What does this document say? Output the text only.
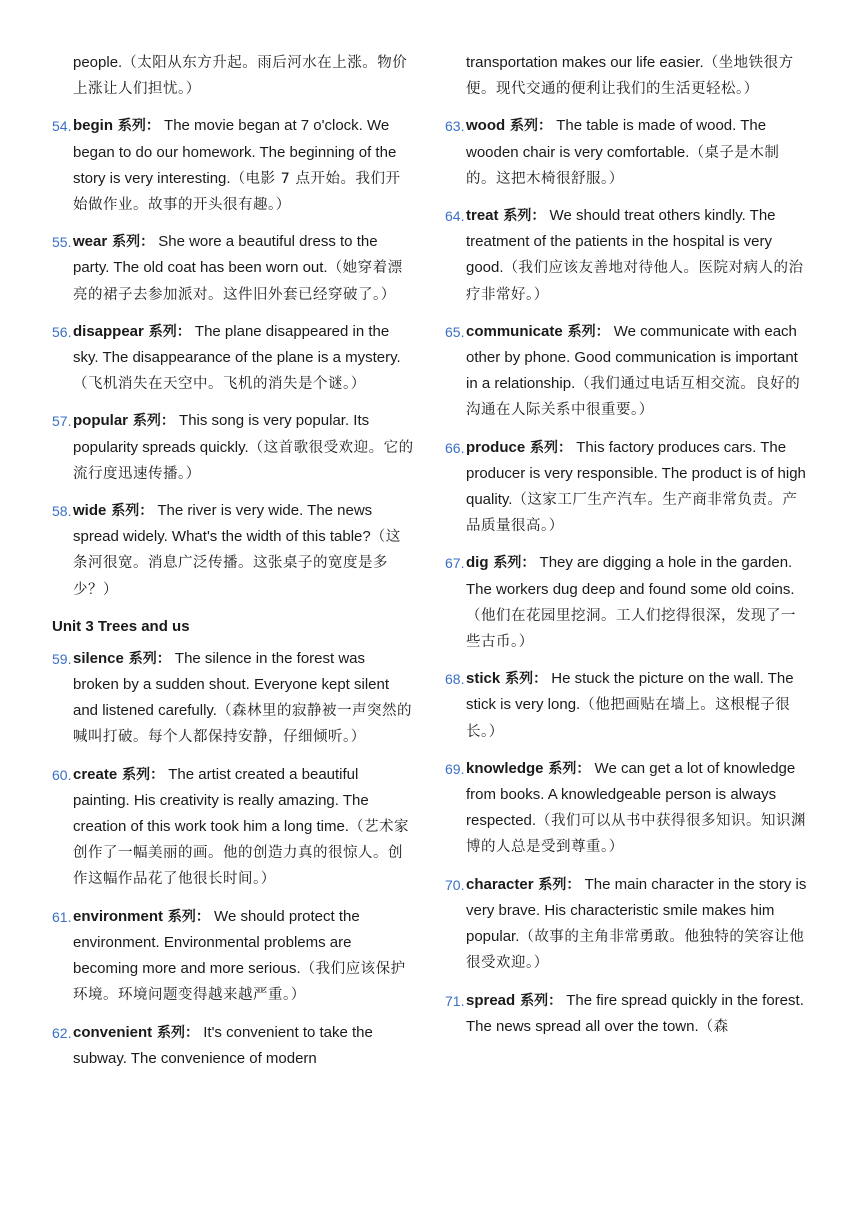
people.（太阳从东方升起。雨后河水在上涨。物价上涨让人们担忧。）
54. begin 系列： The movie began at 7 o'clock. We began to do our homework. The beginning of the story is very interesting.（电影 7 点开始。我们开始做作业。故事的开头很有趣。）
55. wear 系列： She wore a beautiful dress to the party. The old coat has been worn out.（她穿着漂亮的裙子去参加派对。这件旧外套已经穿破了。）
56. disappear 系列： The plane disappeared in the sky. The disappearance of the plane is a mystery.（飞机消失在天空中。飞机的消失是个谜。）
57. popular 系列： This song is very popular. Its popularity spreads quickly.（这首歌很受欢迎。它的流行度迅速传播。）
58. wide 系列： The river is very wide. The news spread widely. What's the width of this table?（这条河很宽。消息广泛传播。这张桌子的宽度是多少？）
Unit 3 Trees and us
59. silence 系列： The silence in the forest was broken by a sudden shout. Everyone kept silent and listened carefully.（森林里的寂静被一声突然的喊叫打破。每个人都保持安静，仔细倾听。）
60. create 系列： The artist created a beautiful painting. His creativity is really amazing. The creation of this work took him a long time.（艺术家创作了一幅美丽的画。他的创造力真的很惊人。创作这幅作品花了他很长时间。）
61. environment 系列： We should protect the environment. Environmental problems are becoming more and more serious.（我们应该保护环境。环境问题变得越来越严重。）
62. convenient 系列： It's convenient to take the subway. The convenience of modern
transportation makes our life easier.（坐地铁很方便。现代交通的便利让我们的生活更轻松。）
63. wood 系列： The table is made of wood. The wooden chair is very comfortable.（桌子是木制的。这把木椅很舒服。）
64. treat 系列： We should treat others kindly. The treatment of the patients in the hospital is very good.（我们应该友善地对待他人。医院对病人的治疗非常好。）
65. communicate 系列： We communicate with each other by phone. Good communication is important in a relationship.（我们通过电话互相交流。良好的沟通在人际关系中很重要。）
66. produce 系列： This factory produces cars. The producer is very responsible. The product is of high quality.（这家工厂生产汽车。生产商非常负责。产品质量很高。）
67. dig 系列： They are digging a hole in the garden. The workers dug deep and found some old coins.（他们在花园里挖洞。工人们挖得很深，发现了一些古币。）
68. stick 系列： He stuck the picture on the wall. The stick is very long.（他把画贴在墙上。这根棍子很长。）
69. knowledge 系列： We can get a lot of knowledge from books. A knowledgeable person is always respected.（我们可以从书中获得很多知识。知识渊博的人总是受到尊重。）
70. character 系列： The main character in the story is very brave. His characteristic smile makes him popular.（故事的主角非常勇敢。他独特的笑容让他很受欢迎。）
71. spread 系列： The fire spread quickly in the forest. The news spread all over the town.（森
